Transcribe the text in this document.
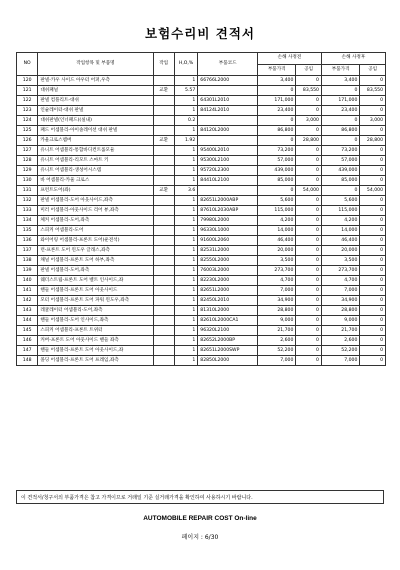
보험수리비 견적서
NO	작업항목 및 부품명	작업	H,O,%	부품코드	손해 사정전		손해 사정후	
					부품가격	공임	부품가격	공임
120	판넬-카우 사이드 아우터 어퍼,우측		1	66766L2000	3,400	0	3,400	0
121	대쉬패널	교환	5.57		0	83,550	0	83,550
122	판넬 컴플리트-대쉬		1	64301L2010	171,000	0	171,000	0
123	인슐레이터-대쉬 판넬		1	84124L2010	23,400	0	23,400	0
124	대쉬판넬(인너패드)(실내)		0.2		0	3,000	0	3,000
125	패드 어셈블리-아이솔레이션 대쉬 판넬		1	84120L2000	86,800	0	86,800	0
126	카울크로스멤버	교환	1.92		0	28,800	0	28,800
127	유니트 어셈블리-통합바디컨트롤모듈		1	95400L2010	73,200	0	73,200	0
128	유니트 어셈블리-리모트 스마트 키		1	95300L2100	57,000	0	57,000	0
129	유니트 어셈블리-생성어시스템		1	95720L2300	439,000	0	439,000	0
130	바 어셈블리-카울 크로스		1	84410L2100	85,000	0	85,000	0
131	프런트도어(좌)	교환	3.6		0	54,000	0	54,000
132	판넬 어셈블리-도어 아웃사이드,좌측		1	82651L2000ABP	5,600	0	5,600	0
133	미러 어셈블리-아웃사이드 리어 뷰,좌측		1	87610L2030ABP	115,000	0	115,000	0
134	체커 어셈블리-도어,좌측		1	79980L2000	4,200	0	4,200	0
135	스피커 어셈블리-도어		1	96330L1000	14,000	0	14,000	0
136	와이어링 어셈블리-프론트 도어(운전석)		1	91600L2060	46,400	0	46,400	0
137	런-프론트 도어 윈도우 글래스,좌측		1	82531L2000	20,000	0	20,000	0
138	채널 어셈블리-프론트 도어 하부,좌측		1	82550L2000	3,500	0	3,500	0
139	판넬 어셈블리-도어,좌측		1	76003L2000	273,700	0	273,700	0
140	웨더스트립-프론트 도어 벨트 인사이드,좌		1	82230L2000	4,700	0	4,700	0
141	핸들 어셈블리-프론트 도어 아웃사이드		1	82651L2000	7,000	0	7,000	0
142	모터 어셈블리-프론트 도어 파워 윈도우,좌측		1	82450L2010	34,900	0	34,900	0
143	레귤레이터 어셈블리-도어,좌측		1	81310L2000	28,800	0	28,800	0
144	핸들 어셈블리-도어 인사이드,좌측		1	82610L2000CA1	9,000	0	9,000	0
145	스피커 어셈블리-프론트 트위터		1	96320L2100	21,700	0	21,700	0
146	커버-프론트 도어 아웃사이드 핸들 좌측		1	82652L2000BP	2,600	0	2,600	0
147	핸들 어셈블리-프론트 도어 아웃사이드,좌		1	82651L2000SWP	52,200	0	52,200	0
148	몰딩 어셈블리-프론트 도어 프레임,좌측		1	82850L2000	7,000	0	7,000	0
이 견적서/청구서의 부품가격은 참고 가격이므로 거래일 기준 실거래가격을 확인하여 사용하시기 바랍니다.
AUTOMOBILE REPAIR COST On-line
페이지 : 6/30
